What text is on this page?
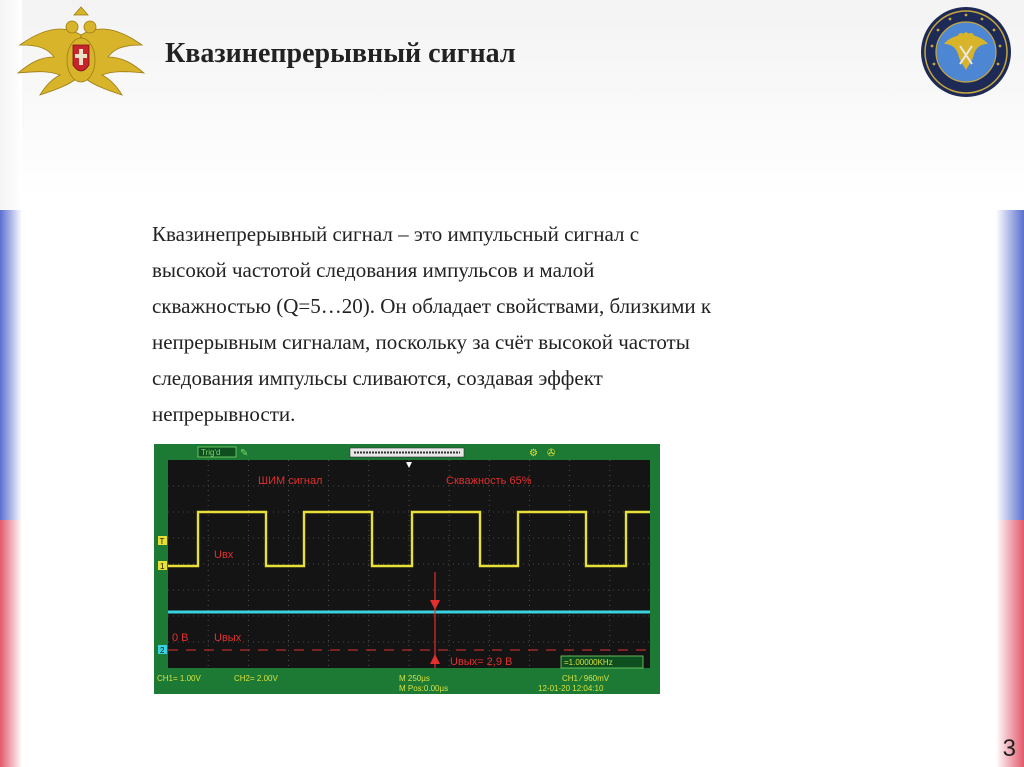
Квазинепрерывный сигнал

Квазинепрерывный сигнал – это импульсный сигнал с

высокой частотой следования импульсов и малой

скважностью (Q=5…20). Он обладает свойствами, близкими к

непрерывным сигналам, поскольку за счёт высокой частоты

следования импульсы сливаются, создавая эффект

непрерывности.

Trig'd ✎	⚙ ✇
T
1
2
ШИМ сигнал	Скважность 65%
Uвх
0 В Uвых
Uвых= 2,9 В	=1.00000KHz
CH1= 1.00V	CH2= 2.00V	M 250µs
M Pos:0.00µs
CH1 ∕ 960mV
12-01-20 12:04:10
3
